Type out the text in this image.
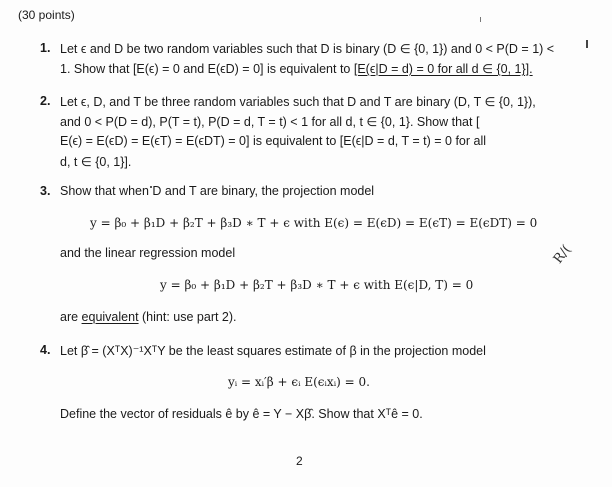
(30 points)
1. Let ϵ and D be two random variables such that D is binary (D ∈ {0, 1}) and 0 < P(D = 1) <
1. Show that [E(ϵ) = 0 and E(ϵD) = 0] is equivalent to [E(ϵ|D = d) = 0 for all d ∈ {0, 1}].
2. Let ϵ, D, and T be three random variables such that D and T are binary (D, T ∈ {0, 1}),
and 0 < P(D = d), P(T = t), P(D = d, T = t) < 1 for all d, t ∈ {0, 1}. Show that [
E(ϵ) = E(ϵD) = E(ϵT) = E(ϵDT) = 0] is equivalent to [E(ϵ|D = d, T = t) = 0 for all
d, t ∈ {0, 1}].
3. Show that when D and T are binary, the projection model
y = β₀ + β₁D + β₂T + β₃D ∗ T + ϵ with E(ϵ) = E(ϵD) = E(ϵT) = E(ϵDT) = 0
and the linear regression model
y = β₀ + β₁D + β₂T + β₃D ∗ T + ϵ with E(ϵ|D, T) = 0
are equivalent (hint: use part 2).
4. Let β̂ = (XᵀX)⁻¹XᵀY be the least squares estimate of β in the projection model
yᵢ = xᵢ′β + ϵᵢ E(ϵᵢxᵢ) = 0.
Define the vector of residuals ê by ê = Y − Xβ̂. Show that Xᵀê = 0.
2
R/(
